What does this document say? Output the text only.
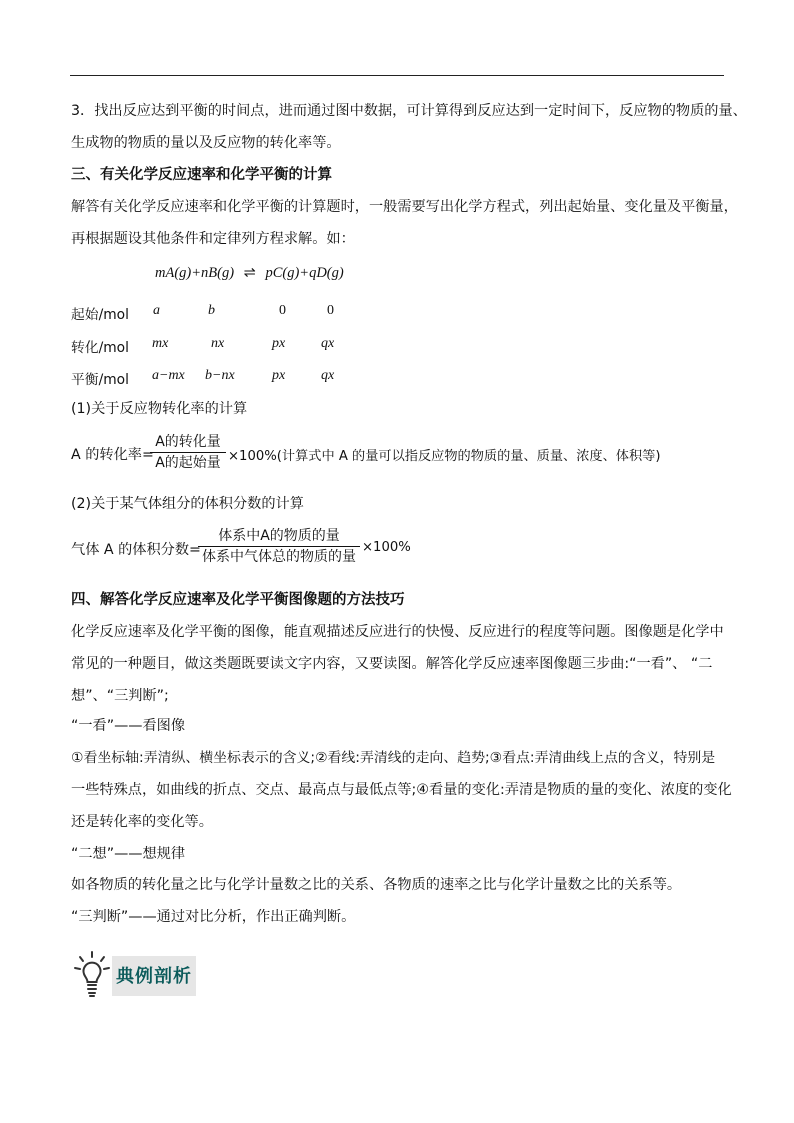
3．找出反应达到平衡的时间点，进而通过图中数据，可计算得到反应达到一定时间下，反应物的物质的量、
生成物的物质的量以及反应物的转化率等。
三、有关化学反应速率和化学平衡的计算
解答有关化学反应速率和化学平衡的计算题时，一般需要写出化学方程式，列出起始量、变化量及平衡量，
再根据题设其他条件和定律列方程求解。如：
mA(g)+nB(g) ⇌ pC(g)+qD(g)
起始/mol a	b	0	0
转化/mol mx	nx	px	qx
平衡/mol a−mx b−nx	px	qx
(1)关于反应物转化率的计算
A 的转化率=
A的转化量
A的起始量 ×100%(计算式中 A 的量可以指反应物的物质的量、质量、浓度、体积等)
(2)关于某气体组分的体积分数的计算
气体 A 的体积分数=
体系中A的物质的量
体系中气体总的物质的量
×100%
四、解答化学反应速率及化学平衡图像题的方法技巧
化学反应速率及化学平衡的图像，能直观描述反应进行的快慢、反应进行的程度等问题。图像题是化学中
常见的一种题目，做这类题既要读文字内容，又要读图。解答化学反应速率图像题三步曲:“一看”、 “二
想”、“三判断”;
“一看”——看图像
①看坐标轴:弄清纵、横坐标表示的含义;②看线:弄清线的走向、趋势;③看点:弄清曲线上点的含义，特别是
一些特殊点，如曲线的折点、交点、最高点与最低点等;④看量的变化:弄清是物质的量的变化、浓度的变化
还是转化率的变化等。
“二想”——想规律
如各物质的转化量之比与化学计量数之比的关系、各物质的速率之比与化学计量数之比的关系等。
“三判断”——通过对比分析，作出正确判断。
典例剖析
